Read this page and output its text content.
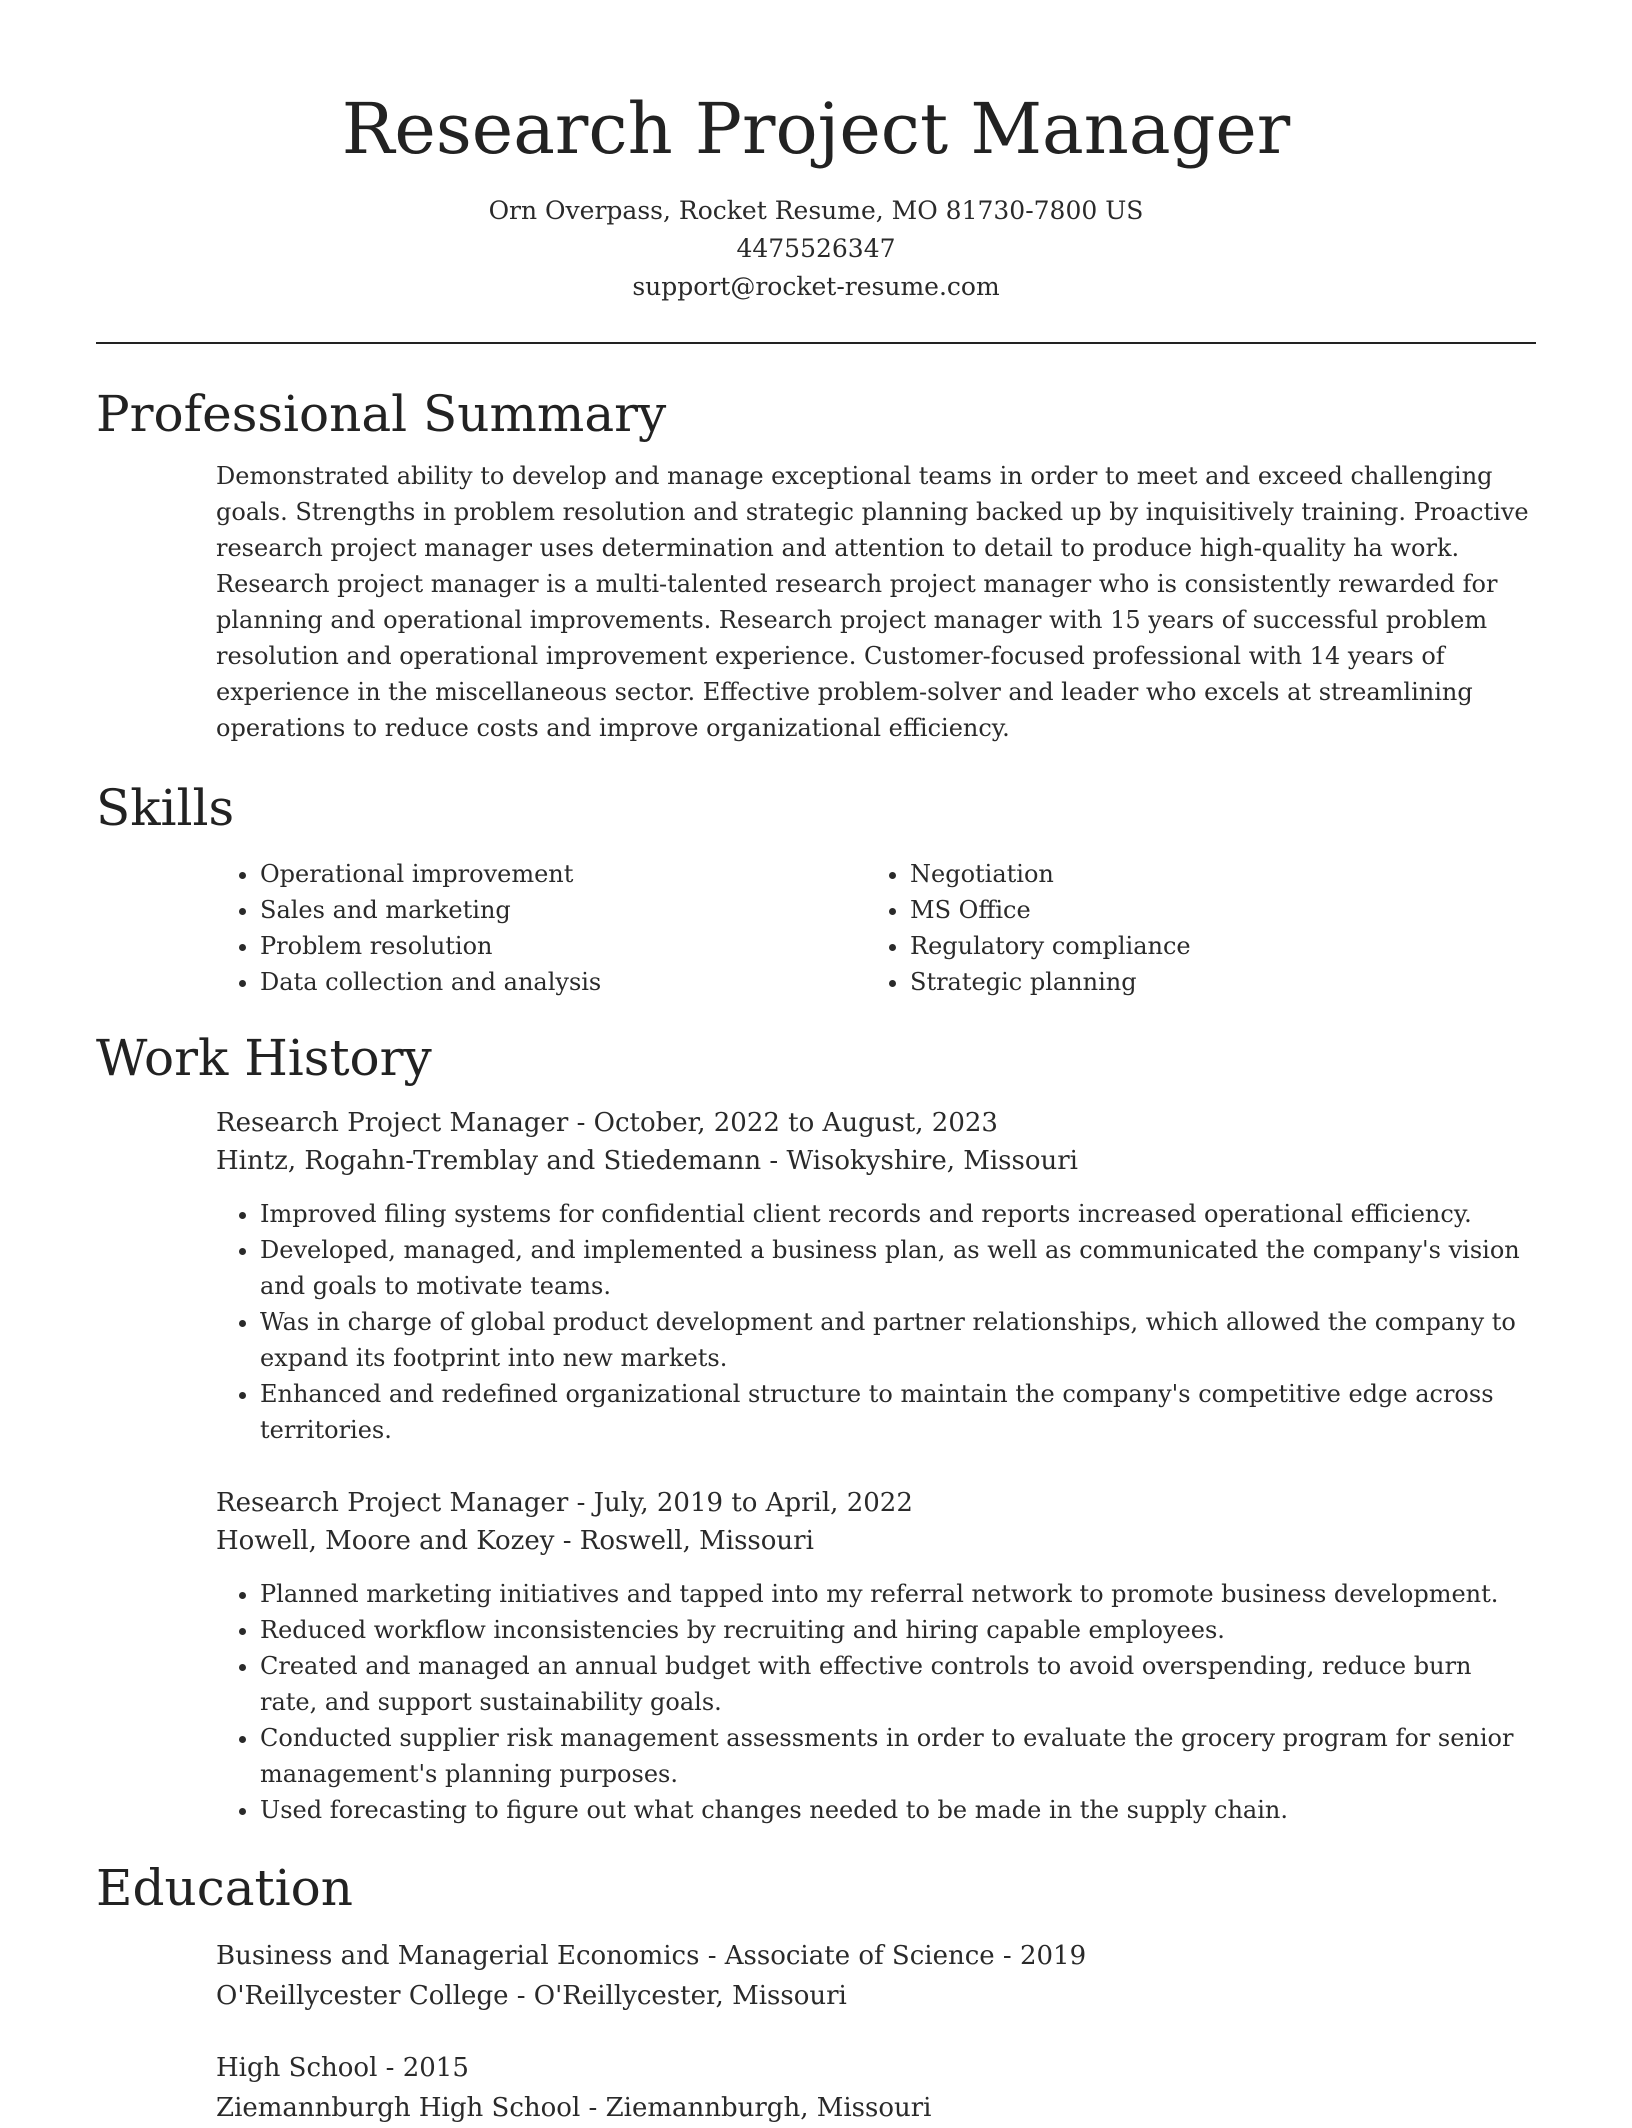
Research Project Manager
Orn Overpass, Rocket Resume, MO 81730-7800 US
4475526347
support@rocket-resume.com
Professional Summary
Demonstrated ability to develop and manage exceptional teams in order to meet and exceed challenging goals. Strengths in problem resolution and strategic planning backed up by inquisitively training. Proactive research project manager uses determination and attention to detail to produce high-quality ha work. Research project manager is a multi-talented research project manager who is consistently rewarded for planning and operational improvements. Research project manager with 15 years of successful problem resolution and operational improvement experience. Customer-focused professional with 14 years of experience in the miscellaneous sector. Effective problem-solver and leader who excels at streamlining operations to reduce costs and improve organizational efficiency.
Skills
• Operational improvement
• Sales and marketing
• Problem resolution
• Data collection and analysis
• Negotiation
• MS Office
• Regulatory compliance
• Strategic planning
Work History
Research Project Manager - October, 2022 to August, 2023
Hintz, Rogahn-Tremblay and Stiedemann - Wisokyshire, Missouri
• Improved filing systems for confidential client records and reports increased operational efficiency.
• Developed, managed, and implemented a business plan, as well as communicated the company's vision and goals to motivate teams.
• Was in charge of global product development and partner relationships, which allowed the company to expand its footprint into new markets.
• Enhanced and redefined organizational structure to maintain the company's competitive edge across territories.
Research Project Manager - July, 2019 to April, 2022
Howell, Moore and Kozey - Roswell, Missouri
• Planned marketing initiatives and tapped into my referral network to promote business development.
• Reduced workflow inconsistencies by recruiting and hiring capable employees.
• Created and managed an annual budget with effective controls to avoid overspending, reduce burn rate, and support sustainability goals.
• Conducted supplier risk management assessments in order to evaluate the grocery program for senior management's planning purposes.
• Used forecasting to figure out what changes needed to be made in the supply chain.
Education
Business and Managerial Economics - Associate of Science - 2019
O'Reillycester College - O'Reillycester, Missouri
High School - 2015
Ziemannburgh High School - Ziemannburgh, Missouri
